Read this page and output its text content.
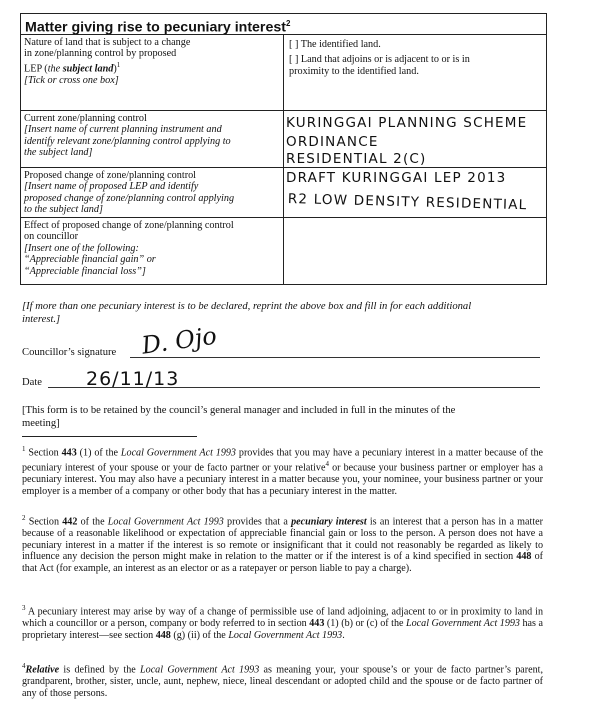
Matter giving rise to pecuniary interest$^2$
Nature of land that is subject to a change
in zone/planning control by proposed
LEP (the subject land)$^1$
[Tick or cross one box]
[ ] The identified land.
[ ] Land that adjoins or is adjacent to or is in
proximity to the identified land.
Current zone/planning control
[Insert name of current planning instrument and
identify relevant zone/planning control applying to
the subject land]
KURINGGAI PLANNING SCHEME
ORDINANCE
RESIDENTIAL 2(C)
Proposed change of zone/planning control
[Insert name of proposed LEP and identify
proposed change of zone/planning control applying
to the subject land]
DRAFT KURINGGAI LEP 2013
R2 LOW DENSITY RESIDENTIAL
Effect of proposed change of zone/planning control
on councillor
[Insert one of the following:
“Appreciable financial gain” or
“Appreciable financial loss”]
[If more than one pecuniary interest is to be declared, reprint the above box and fill in for each additional
interest.]
Councillor’s signature D. Ojo
Date 26/11/13
[This form is to be retained by the council’s general manager and included in full in the minutes of the
meeting]
$^1$ Section 443 (1) of the Local Government Act 1993 provides that you may have a pecuniary interest in a matter because of the pecuniary interest of your spouse or your de facto partner or your relative$^4$ or because your business partner or employer has a pecuniary interest. You may also have a pecuniary interest in a matter because you, your nominee, your business partner or your employer is a member of a company or other body that has a pecuniary interest in the matter.
$^2$ Section 442 of the Local Government Act 1993 provides that a pecuniary interest is an interest that a person has in a matter because of a reasonable likelihood or expectation of appreciable financial gain or loss to the person. A person does not have a pecuniary interest in a matter if the interest is so remote or insignificant that it could not reasonably be regarded as likely to influence any decision the person might make in relation to the matter or if the interest is of a kind specified in section 448 of that Act (for example, an interest as an elector or as a ratepayer or person liable to pay a charge).
$^3$ A pecuniary interest may arise by way of a change of permissible use of land adjoining, adjacent to or in proximity to land in which a councillor or a person, company or body referred to in section 443 (1) (b) or (c) of the Local Government Act 1993 has a proprietary interest—see section 448 (g) (ii) of the Local Government Act 1993.
$^4$Relative is defined by the Local Government Act 1993 as meaning your, your spouse’s or your de facto partner’s parent, grandparent, brother, sister, uncle, aunt, nephew, niece, lineal descendant or adopted child and the spouse or de facto partner of any of those persons.
